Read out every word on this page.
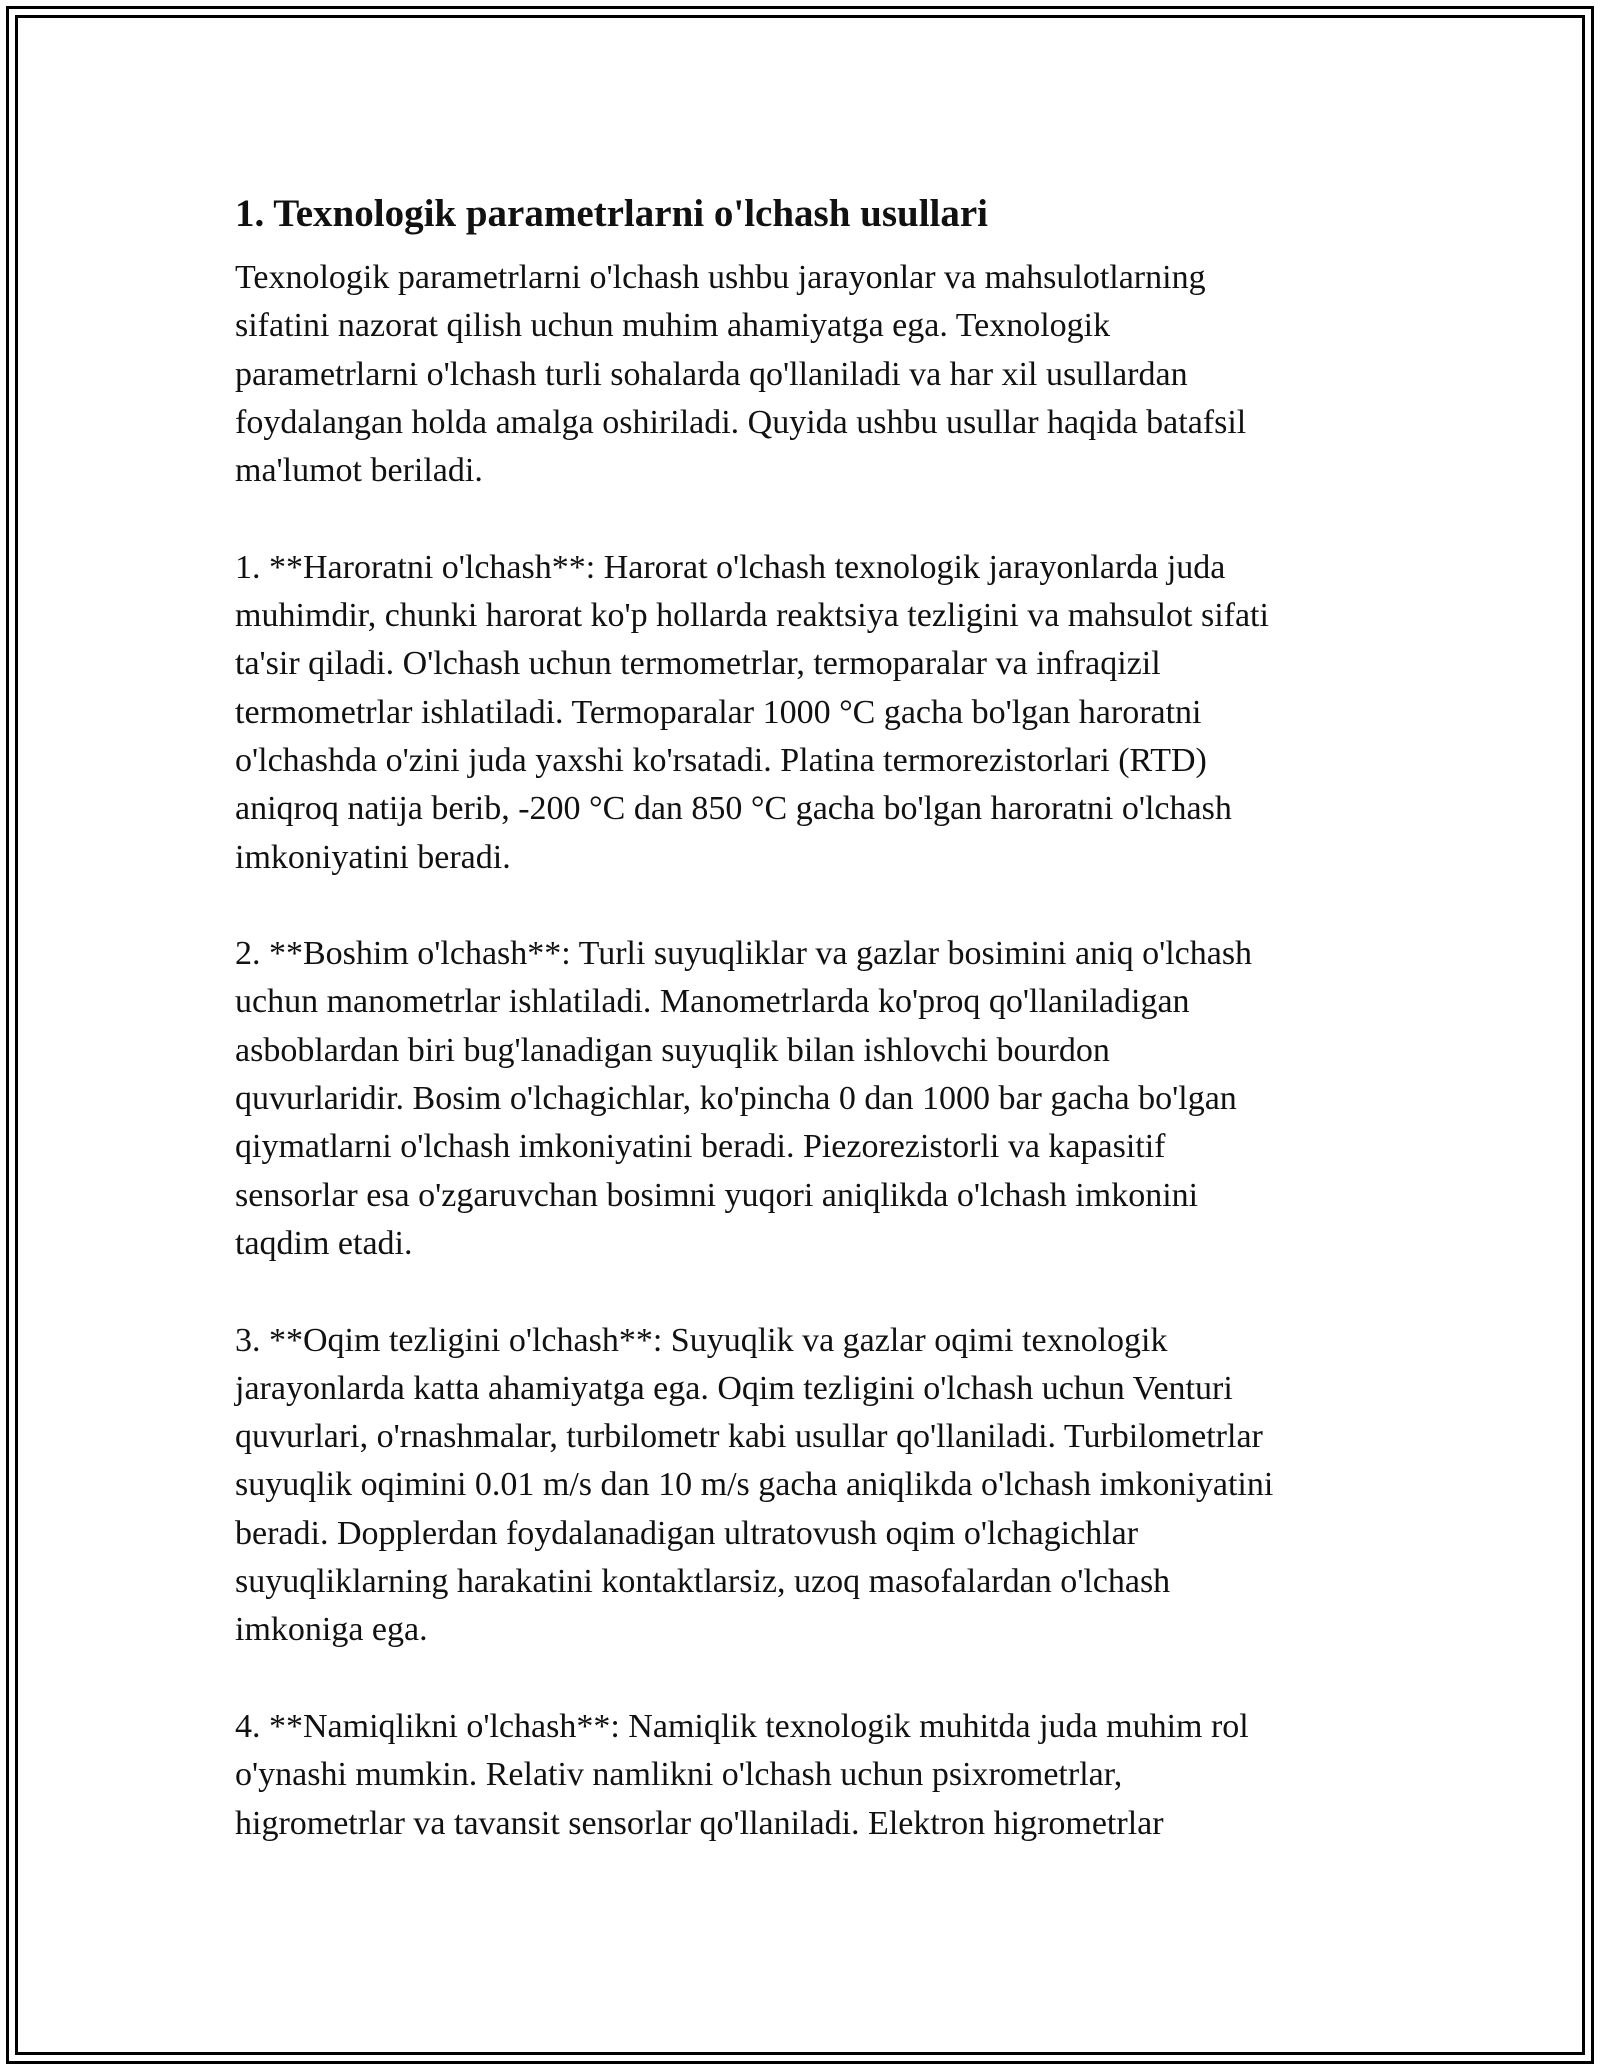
1. Texnologik parametrlarni o'lchash usullari

Texnologik parametrlarni o'lchash ushbu jarayonlar va mahsulotlarning
sifatini nazorat qilish uchun muhim ahamiyatga ega. Texnologik
parametrlarni o'lchash turli sohalarda qo'llaniladi va har xil usullardan
foydalangan holda amalga oshiriladi. Quyida ushbu usullar haqida batafsil
ma'lumot beriladi.

1. **Haroratni o'lchash**: Harorat o'lchash texnologik jarayonlarda juda
muhimdir, chunki harorat ko'p hollarda reaktsiya tezligini va mahsulot sifati
ta'sir qiladi. O'lchash uchun termometrlar, termoparalar va infraqizil
termometrlar ishlatiladi. Termoparalar 1000 °C gacha bo'lgan haroratni
o'lchashda o'zini juda yaxshi ko'rsatadi. Platina termorezistorlari (RTD)
aniqroq natija berib, -200 °C dan 850 °C gacha bo'lgan haroratni o'lchash
imkoniyatini beradi.

2. **Boshim o'lchash**: Turli suyuqliklar va gazlar bosimini aniq o'lchash
uchun manometrlar ishlatiladi. Manometrlarda ko'proq qo'llaniladigan
asboblardan biri bug'lanadigan suyuqlik bilan ishlovchi bourdon
quvurlaridir. Bosim o'lchagichlar, ko'pincha 0 dan 1000 bar gacha bo'lgan
qiymatlarni o'lchash imkoniyatini beradi. Piezorezistorli va kapasitif
sensorlar esa o'zgaruvchan bosimni yuqori aniqlikda o'lchash imkonini
taqdim etadi.

3. **Oqim tezligini o'lchash**: Suyuqlik va gazlar oqimi texnologik
jarayonlarda katta ahamiyatga ega. Oqim tezligini o'lchash uchun Venturi
quvurlari, o'rnashmalar, turbilometr kabi usullar qo'llaniladi. Turbilometrlar
suyuqlik oqimini 0.01 m/s dan 10 m/s gacha aniqlikda o'lchash imkoniyatini
beradi. Dopplerdan foydalanadigan ultratovush oqim o'lchagichlar
suyuqliklarning harakatini kontaktlarsiz, uzoq masofalardan o'lchash
imkoniga ega.

4. **Namiqlikni o'lchash**: Namiqlik texnologik muhitda juda muhim rol
o'ynashi mumkin. Relativ namlikni o'lchash uchun psixrometrlar,
higrometrlar va tavansit sensorlar qo'llaniladi. Elektron higrometrlar
